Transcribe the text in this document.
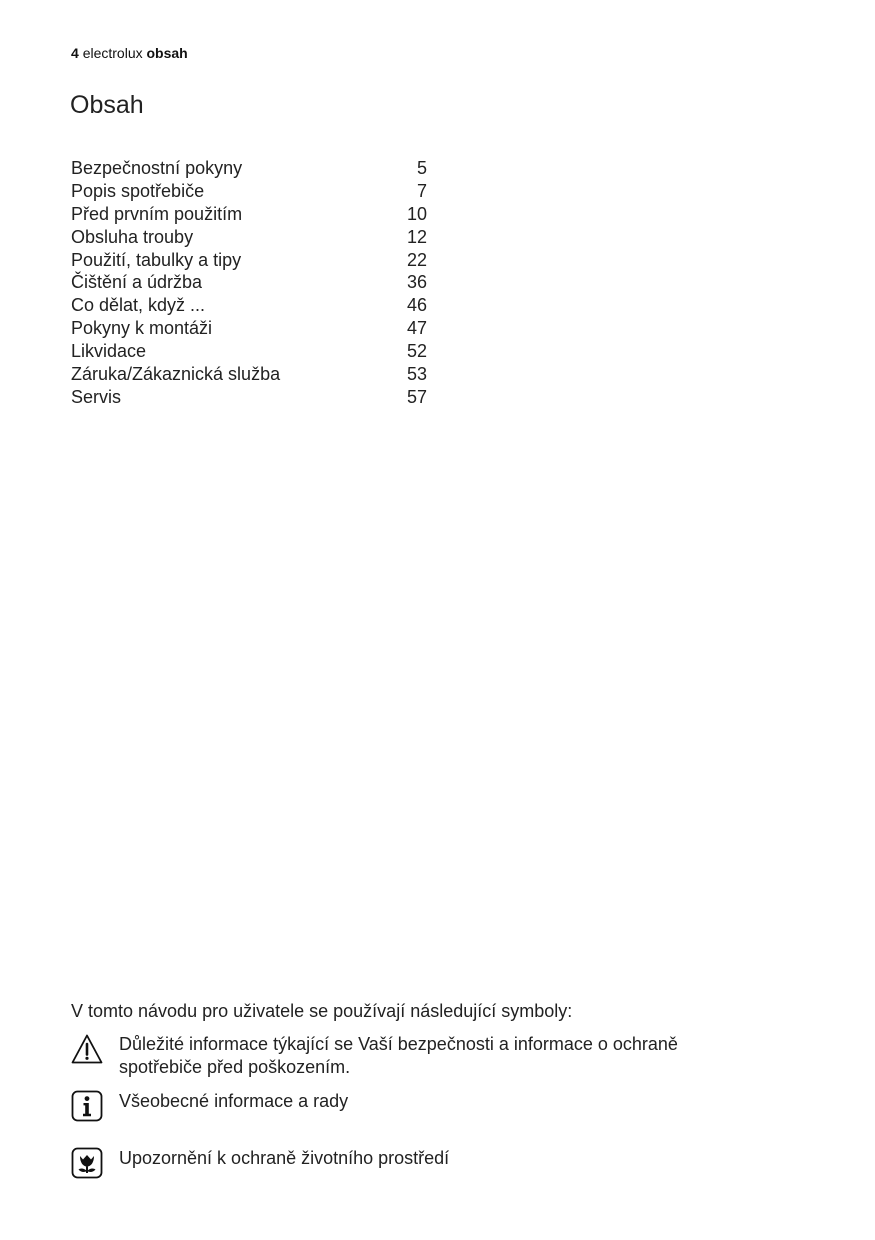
4 electrolux obsah
Obsah
Bezpečnostní pokyny	5
Popis spotřebiče	7
Před prvním použitím	10
Obsluha trouby	12
Použití, tabulky a tipy	22
Čištění a údržba	36
Co dělat, když ...	46
Pokyny k montáži	47
Likvidace	52
Záruka/Zákaznická služba	53
Servis	57

V tomto návodu pro uživatele se používají následující symboly:

Důležité informace týkající se Vaší bezpečnosti a informace o ochraně spotřebiče před poškozením.
Všeobecné informace a rady
Upozornění k ochraně životního prostředí
